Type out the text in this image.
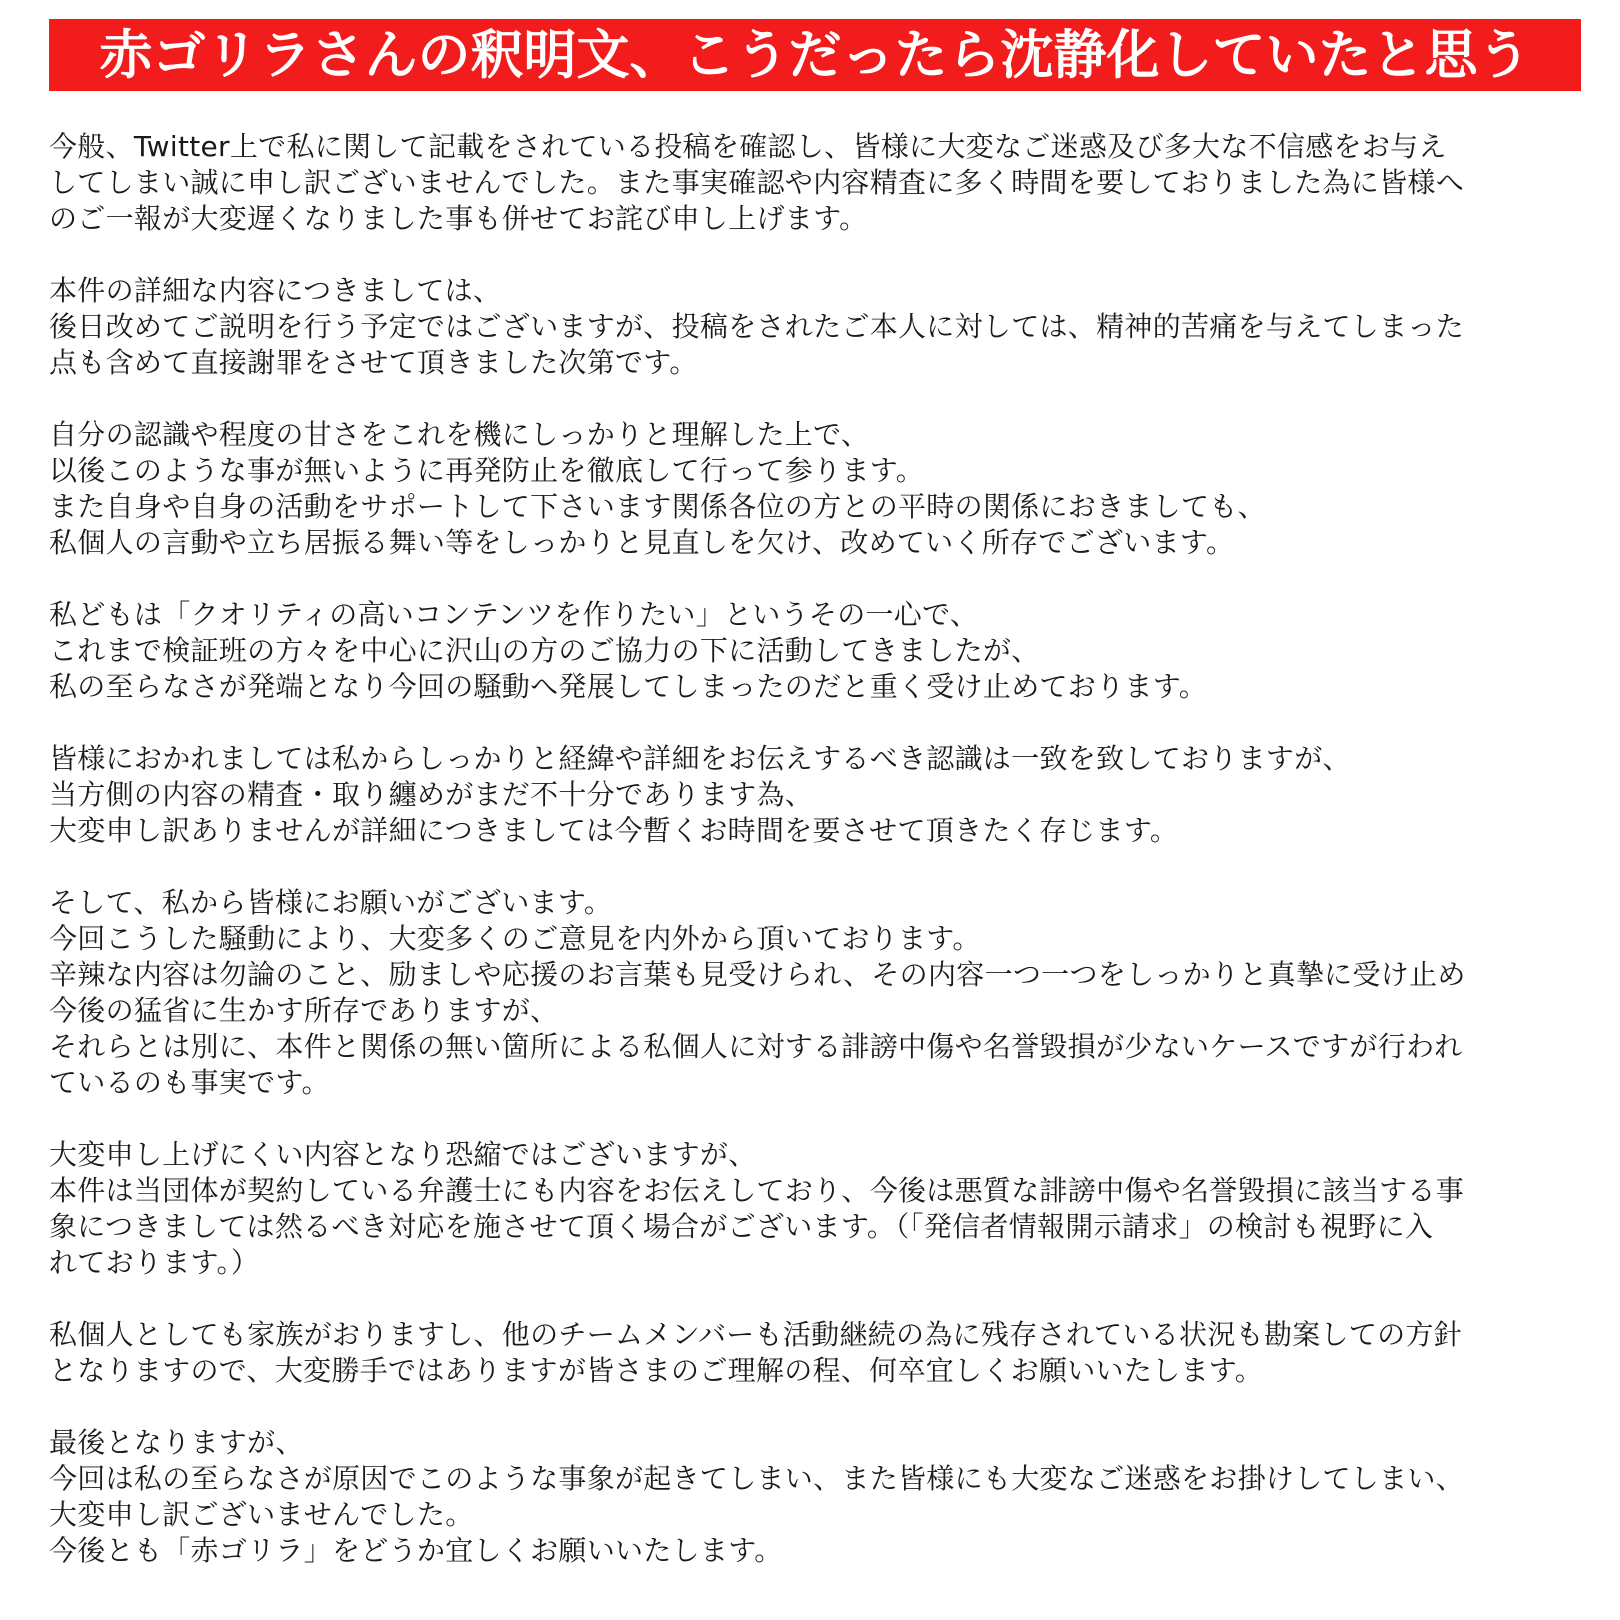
赤ゴリラさんの釈明文、こうだったら沈静化していたと思う
今般、Twitter上で私に関して記載をされている投稿を確認し、皆様に大変なご迷惑及び多大な不信感をお与え
してしまい誠に申し訳ございませんでした。また事実確認や内容精査に多く時間を要しておりました為に皆様へ
のご一報が大変遅くなりました事も併せてお詫び申し上げます。
本件の詳細な内容につきましては、
後日改めてご説明を行う予定ではございますが、投稿をされたご本人に対しては、精神的苦痛を与えてしまった
点も含めて直接謝罪をさせて頂きました次第です。
自分の認識や程度の甘さをこれを機にしっかりと理解した上で、
以後このような事が無いように再発防止を徹底して行って参ります。
また自身や自身の活動をサポートして下さいます関係各位の方との平時の関係におきましても、
私個人の言動や立ち居振る舞い等をしっかりと見直しを欠け、改めていく所存でございます。
私どもは「クオリティの高いコンテンツを作りたい」というその一心で、
これまで検証班の方々を中心に沢山の方のご協力の下に活動してきましたが、
私の至らなさが発端となり今回の騒動へ発展してしまったのだと重く受け止めております。
皆様におかれましては私からしっかりと経緯や詳細をお伝えするべき認識は一致を致しておりますが、
当方側の内容の精査・取り纏めがまだ不十分であります為、
大変申し訳ありませんが詳細につきましては今暫くお時間を要させて頂きたく存じます。
そして、私から皆様にお願いがございます。
今回こうした騒動により、大変多くのご意見を内外から頂いております。
辛辣な内容は勿論のこと、励ましや応援のお言葉も見受けられ、その内容一つ一つをしっかりと真摯に受け止め
今後の猛省に生かす所存でありますが、
それらとは別に、本件と関係の無い箇所による私個人に対する誹謗中傷や名誉毀損が少ないケースですが行われ
ているのも事実です。
大変申し上げにくい内容となり恐縮ではございますが、
本件は当団体が契約している弁護士にも内容をお伝えしており、今後は悪質な誹謗中傷や名誉毀損に該当する事
象につきましては然るべき対応を施させて頂く場合がございます。（「発信者情報開示請求」の検討も視野に入
れております。）
私個人としても家族がおりますし、他のチームメンバーも活動継続の為に残存されている状況も勘案しての方針
となりますので、大変勝手ではありますが皆さまのご理解の程、何卒宜しくお願いいたします。
最後となりますが、
今回は私の至らなさが原因でこのような事象が起きてしまい、また皆様にも大変なご迷惑をお掛けしてしまい、
大変申し訳ございませんでした。
今後とも「赤ゴリラ」をどうか宜しくお願いいたします。
